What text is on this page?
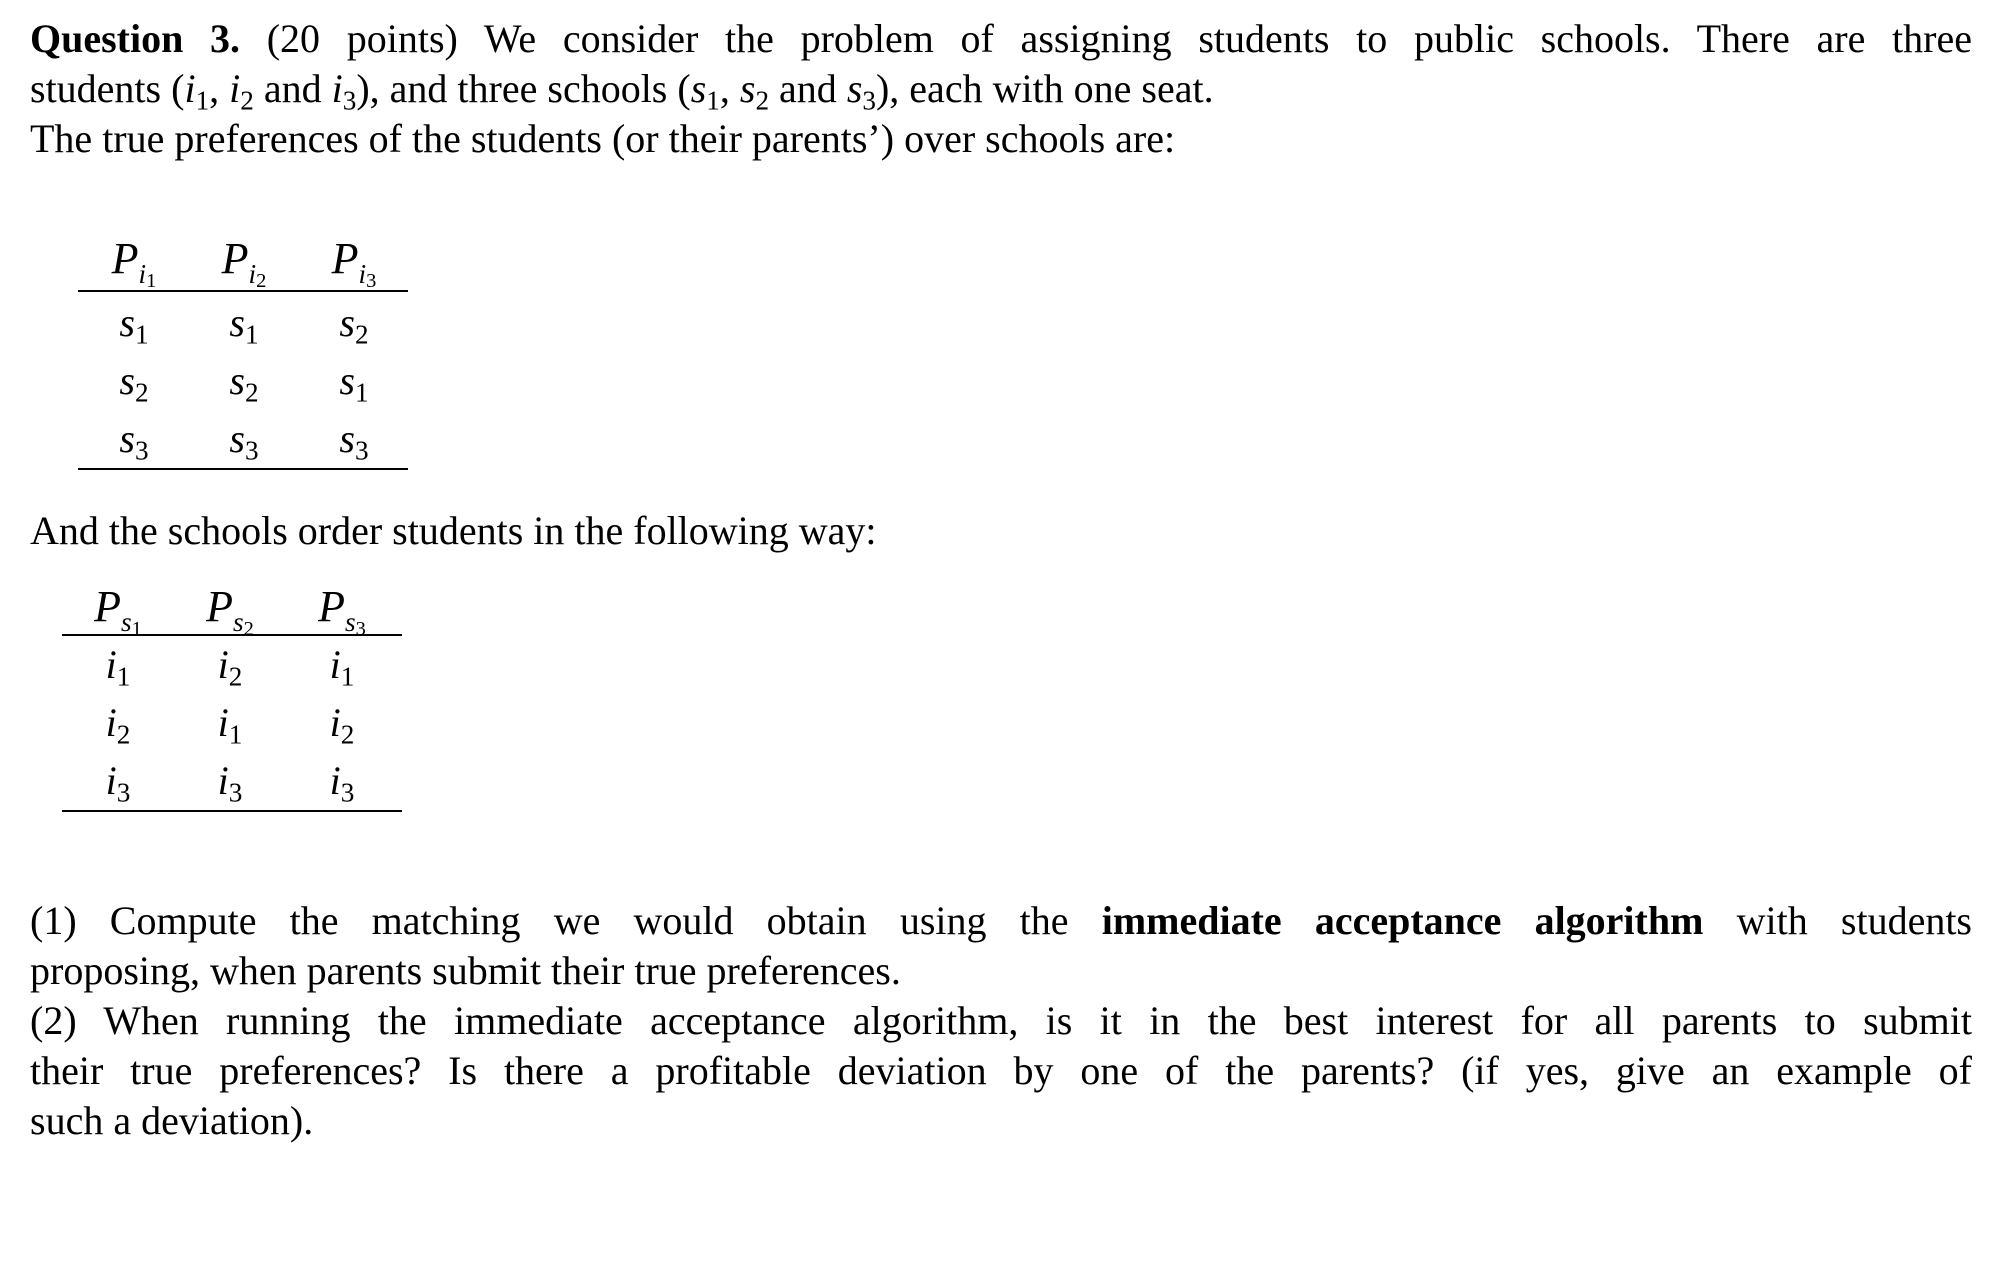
Question 3. (20 points) We consider the problem of assigning students to public schools. There are three
students ($i_1$, $i_2$ and $i_3$), and three schools ($s_1$, $s_2$ and $s_3$), each with one seat.
The true preferences of the students (or their parents’) over schools are:
$P_{i1}$	$P_{i2}$	$P_{i3}$
$s_1$	$s_1$	$s_2$
$s_2$	$s_2$	$s_1$
$s_3$	$s_3$	$s_3$
And the schools order students in the following way:
$P_{s1}$	$P_{s2}$	$P_{s3}$
$i_1$	$i_2$	$i_1$
$i_2$	$i_1$	$i_2$
$i_3$	$i_3$	$i_3$
(1) Compute the matching we would obtain using the immediate acceptance algorithm with students
proposing, when parents submit their true preferences.
(2) When running the immediate acceptance algorithm, is it in the best interest for all parents to submit
their true preferences? Is there a profitable deviation by one of the parents? (if yes, give an example of
such a deviation).
